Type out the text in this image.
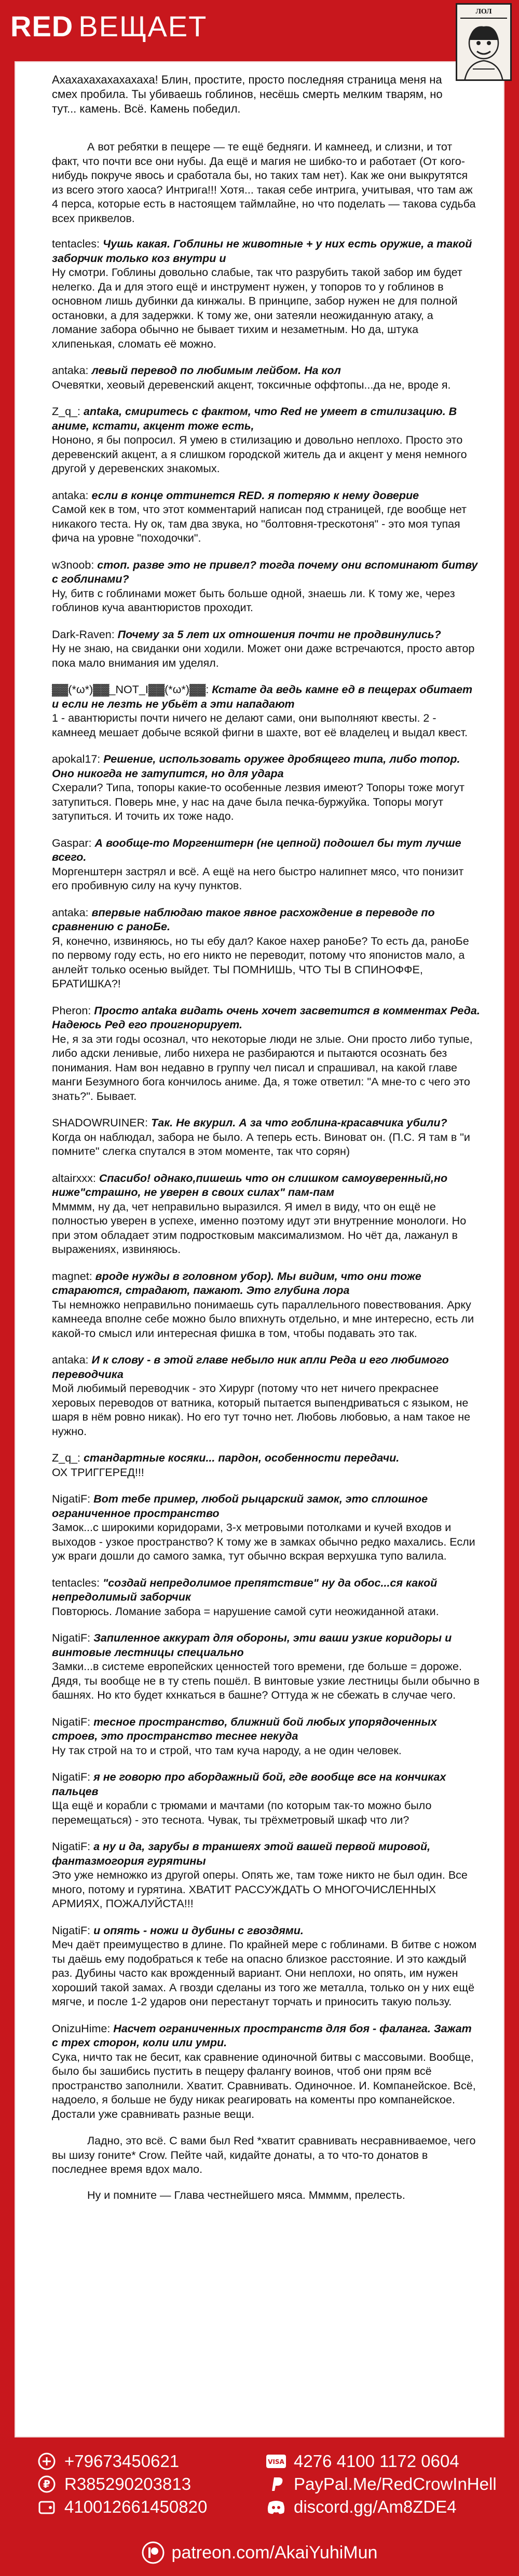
RED ВЕЩАЕТ	ЛОЛ

Ахахахахахахахаха! Блин, простите, просто последняя страница меня на смех пробила. Ты убиваешь гоблинов, несёшь смерть мелким тварям, но тут... камень. Всё. Камень победил.

А вот ребятки в пещере — те ещё бедняги. И камнеед, и слизни, и тот факт, что почти все они нубы. Да ещё и магия не шибко-то и работает (От кого-нибудь покруче явось и сработала бы, но таких там нет). Как же они выкрутятся из всего этого хаоса? Интрига!!! Хотя... такая себе интрига, учитывая, что там аж 4 перса, которые есть в настоящем таймлайне, но что поделать — такова судьба всех приквелов.

tentacles: Чушь какая. Гоблины не животные + у них есть оружие, а такой заборчик только коз внутри и

Ну смотри. Гоблины довольно слабые, так что разрубить такой забор им будет нелегко. Да и для этого ещё и инструмент нужен, у топоров то у гоблинов в основном лишь дубинки да кинжалы. В принципе, забор нужен не для полной остановки, а для задержки. К тому же, они затеяли неожиданную атаку, а ломание забора обычно не бывает тихим и незаметным. Но да, штука хлипенькая, сломать её можно.

antaka: левый перевод по любимым лейбом. На кол

Очевятки, хеовый деревенский акцент, токсичные оффтопы...да не, вроде я.

Z_q_: antaka, смиритесь с фактом, что Red не умеет в стилизацию. В аниме, кстати, акцент тоже есть,

Нононо, я бы попросил. Я умею в стилизацию и довольно неплохо. Просто это деревенский акцент, а я слишком городской житель да и акцент у меня немного другой у деревенских знакомых.

antaka: если в конце оттинется RED. я потеряю к нему доверие

Самой кек в том, что этот комментарий написан под страницей, где вообще нет никакого теста. Ну ок, там два звука, но "болтовня-трескотоня" - это моя тупая фича на уровне "походочки".

w3noob: стоп. разве это не привел? тогда почему они вспоминают битву с гоблинами?

Ну, битв с гоблинами может быть больше одной, знаешь ли. К тому же, через гоблинов куча авантюристов проходит.

Dark-Raven: Почему за 5 лет их отношения почти не продвинулись?

Ну не знаю, на свиданки они ходили. Может они даже встречаются, просто автор пока мало внимания им уделял.

▓▓(*ω*)▓▓_NOT_I▓▓(*ω*)▓▓: Кстате да ведь камне ед в пещерах обитает и если не лезть не убьёт а эти нападают

1 - авантюристы почти ничего не делают сами, они выполняют квесты. 2 - камнеед мешает добыче всякой фигни в шахте, вот её владелец и выдал квест.

apokal17: Решение, использовать оружее дробящего типа, либо топор. Оно никогда не затупится, но для удара

Схерали? Типа, топоры какие-то особенные лезвия имеют? Топоры тоже могут затупиться. Поверь мне, у нас на даче была печка-буржуйка. Топоры могут затупиться. И точить их тоже надо.

Gaspar: А вообще-то Моргенштерн (не цепной) подошел бы тут лучше всего.

Моргенштерн застрял и всё. А ещё на него быстро налипнет мясо, что понизит его пробивную силу на кучу пунктов.

antaka: впервые наблюдаю такое явное расхождение в переводе по сравнению с раноБе.

Я, конечно, извиняюсь, но ты ебу дал? Какое нахер раноБе? То есть да, раноБе по первому году есть, но его никто не переводит, потому что японистов мало, а анлейт только осенью выйдет. ТЫ ПОМНИШЬ, ЧТО ТЫ В СПИНОФФЕ, БРАТИШКА?!

Pheron: Просто antaka видать очень хочет засветится в комментах Реда. Надеюсь Ред его проигнорирует.

Не, я за эти годы осознал, что некоторые люди не злые. Они просто либо тупые, либо адски ленивые, либо нихера не разбираются и пытаются осознать без понимания. Нам вон недавно в группу чел писал и спрашивал, на какой главе манги Безумного бога кончилось аниме. Да, я тоже ответил: "А мне-то с чего это знать?". Бывает.

SHADOWRUINER: Так. Не вкурил. А за что гоблина-красавчика убили?

Когда он наблюдал, забора не было. А теперь есть. Виноват он. (П.С. Я там в "и помните" слегка спутался в этом моменте, так что сорян)

altairxxx: Спасибо! однако,пишешь что он слишком самоуверенный,но ниже"страшно, не уверен в своих силах" пам-пам

Ммммм, ну да, чет неправильно выразился. Я имел в виду, что он ещё не полностью уверен в успехе, именно поэтому идут эти внутренние монологи. Но при этом обладает этим подростковым максимализмом. Но чёт да, лажанул в выражениях, извиняюсь.

magnet: вроде нужды в головном убор). Мы видим, что они тоже стараются, страдают, пажают. Это глубина лора

Ты немножко неправильно понимаешь суть параллельного повествования. Арку камнееда вполне себе можно было впихнуть отдельно, и мне интересно, есть ли какой-то смысл или интересная фишка в том, чтобы подавать это так.

antaka: И к слову - в этой главе небыло ник апли Реда и его любимого переводчика

Мой любимый переводчик - это Хирург (потому что нет ничего прекраснее херовых переводов от ватника, который пытается выпендриваться с языком, не шаря в нём ровно никак). Но его тут точно нет. Любовь любовью, а нам такое не нужно.

Z_q_: стандартные косяки... пардон, особенности передачи.

ОХ ТРИГГЕРЕД!!!

NigatiF: Вот тебе пример, любой рыцарский замок, это сплошное ограниченное пространство

Замок...с широкими коридорами, 3-х метровыми потолками и кучей входов и выходов - узкое пространство? К тому же в замках обычно редко махались. Если уж враги дошли до самого замка, тут обычно вскрая верхушка тупо валила.

tentacles: "создай непредолимое препятствие" ну да обос...ся какой непредолимый заборчик

Повторюсь. Ломание забора = нарушение самой сути неожиданной атаки.

NigatiF: Запиленное аккурат для обороны, эти ваши узкие коридоры и винтовые лестницы специально

Замки...в системе европейских ценностей того времени, где больше = дороже. Дядя, ты вообще не в ту степь пошёл. В винтовые узкие лестницы были обычно в башнях. Но кто будет кхнкаться в башне? Оттуда ж не сбежать в случае чего.

NigatiF: тесное пространство, ближний бой любых упорядоченных строев, это пространство теснее некуда

Ну так строй на то и строй, что там куча народу, а не один человек.

NigatiF: я не говорю про абордажный бой, где вообще все на кончиках пальцев

Ща ещё и корабли с трюмами и мачтами (по которым так-то можно было перемещаться) - это теснота. Чувак, ты трёхметровый шкаф что ли?

NigatiF: а ну и да, зарубы в траншеях этой вашей первой мировой, фантазмогория гурятины

Это уже немножко из другой оперы. Опять же, там тоже никто не был один. Все много, потому и гурятина. ХВАТИТ РАССУЖДАТЬ О МНОГОЧИСЛЕННЫХ АРМИЯХ, ПОЖАЛУЙСТА!!!

NigatiF: и опять - ножи и дубины с гвоздями.

Меч даёт преимущество в длине. По крайней мере с гоблинами. В битве с ножом ты даёшь ему подобраться к тебе на опасно близкое расстояние. И это каждый раз. Дубины часто как врожденный вариант. Они неплохи, но опять, им нужен хороший такой замах. А гвозди сделаны из того же металла, только он у них ещё мягче, и после 1-2 ударов они перестанут торчать и приносить такую пользу.

OnizuHime: Насчет ограниченных пространств для боя - фаланга. Зажат с трех сторон, коли или умри.

Сука, ничто так не бесит, как сравнение одиночной битвы с массовыми. Вообще, было бы зашибись пустить в пещеру фалангу воинов, чтоб они прям всё пространство заполнили. Хватит. Сравнивать. Одиночное. И. Компанейское. Всё, надоело, я больше не буду никак реагировать на коменты про компанейское. Достали уже сравнивать разные вещи.

Ладно, это всё. С вами был Red *хватит сравнивать несравниваемое, чего вы шизу гоните* Crow. Пейте чай, кидайте донаты, а то что-то донатов в последнее время вдох мало.

Ну и помните — Глава честнейшего мяса. Ммммм, прелесть.

+79673450621
₽ R385290203813
410012661450820
VISA 4276 4100 1172 0604
PayPal.Me/RedCrowInHell
discord.gg/Am8ZDE4
patreon.com/AkaiYuhiMun
